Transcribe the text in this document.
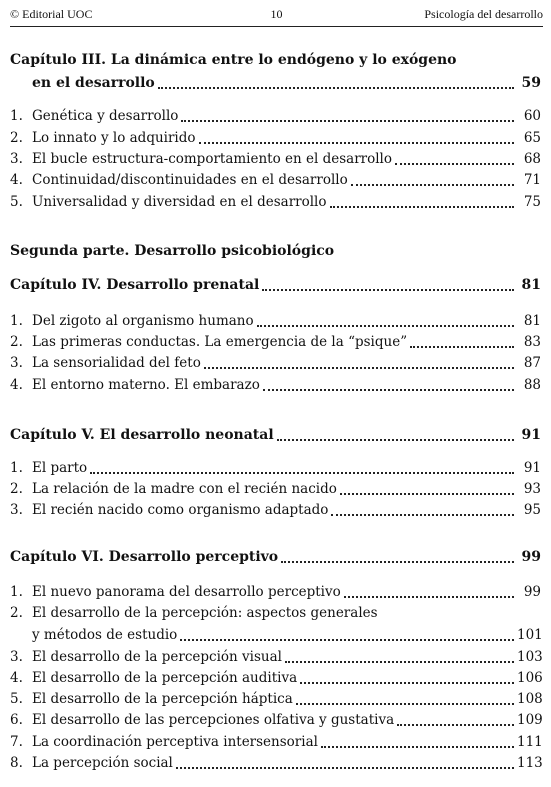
© Editorial UOC	10	Psicología del desarrollo
Capítulo III. La dinámica entre lo endógeno y lo exógeno
en el desarrollo	59
1. Genética y desarrollo	60
2. Lo innato y lo adquirido	65
3. El bucle estructura-comportamiento en el desarrollo	68
4. Continuidad/discontinuidades en el desarrollo	71
5. Universalidad y diversidad en el desarrollo	75
Segunda parte. Desarrollo psicobiológico
Capítulo IV. Desarrollo prenatal	81
1. Del zigoto al organismo humano	81
2. Las primeras conductas. La emergencia de la “psique”	83
3. La sensorialidad del feto	87
4. El entorno materno. El embarazo	88
Capítulo V. El desarrollo neonatal	91
1. El parto	91
2. La relación de la madre con el recién nacido	93
3. El recién nacido como organismo adaptado	95
Capítulo VI. Desarrollo perceptivo	99
1. El nuevo panorama del desarrollo perceptivo	99
2. El desarrollo de la percepción: aspectos generales
y métodos de estudio	101
3. El desarrollo de la percepción visual	103
4. El desarrollo de la percepción auditiva	106
5. El desarrollo de la percepción háptica	108
6. El desarrollo de las percepciones olfativa y gustativa	109
7. La coordinación perceptiva intersensorial	111
8. La percepción social	113
